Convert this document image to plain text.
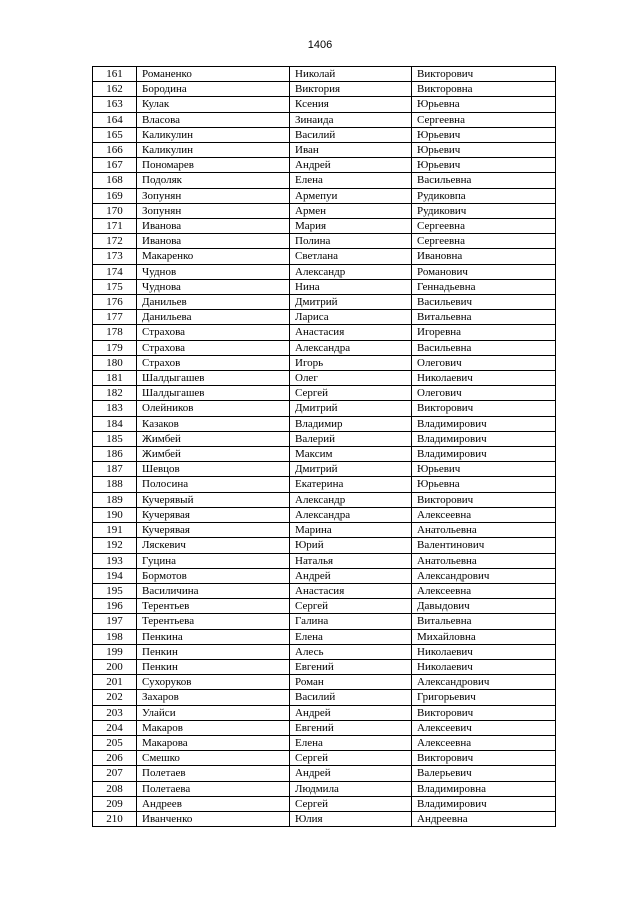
1406
161	Романенко	Николай	Викторович
162	Бородина	Виктория	Викторовна
163	Кулак	Ксения	Юрьевна
164	Власова	Зинаида	Сергеевна
165	Каликулин	Василий	Юрьевич
166	Каликулин	Иван	Юрьевич
167	Пономарев	Андрей	Юрьевич
168	Подоляк	Елена	Васильевна
169	Зопунян	Армепуи	Рудиковпа
170	Зопунян	Армен	Рудикович
171	Иванова	Мария	Сергеевна
172	Иванова	Полина	Сергеевна
173	Макаренко	Светлана	Ивановна
174	Чуднов	Александр	Романович
175	Чуднова	Нина	Геннадьевна
176	Данильев	Дмитрий	Васильевич
177	Данильева	Лариса	Витальевна
178	Страхова	Анастасия	Игоревна
179	Страхова	Александра	Васильевна
180	Страхов	Игорь	Олегович
181	Шалдыгашев	Олег	Николаевич
182	Шалдыгашев	Сергей	Олегович
183	Олейников	Дмитрий	Викторович
184	Казаков	Владимир	Владимирович
185	Жимбей	Валерий	Владимирович
186	Жимбей	Максим	Владимирович
187	Шевцов	Дмитрий	Юрьевич
188	Полосина	Екатерина	Юрьевна
189	Кучерявый	Александр	Викторович
190	Кучерявая	Александра	Алексеевна
191	Кучерявая	Марина	Анатольевна
192	Ляскевич	Юрий	Валентинович
193	Гуцина	Наталья	Анатольевна
194	Бормотов	Андрей	Александрович
195	Василичина	Анастасия	Алексеевна
196	Терентьев	Сергей	Давыдович
197	Терентьева	Галина	Витальевна
198	Пенкина	Елена	Михайловна
199	Пенкин	Алесь	Николаевич
200	Пенкин	Евгений	Николаевич
201	Сухоруков	Роман	Александрович
202	Захаров	Василий	Григорьевич
203	Улайси	Андрей	Викторович
204	Макаров	Евгений	Алексеевич
205	Макарова	Елена	Алексеевна
206	Смешко	Сергей	Викторович
207	Полетаев	Андрей	Валерьевич
208	Полетаева	Людмила	Владимировна
209	Андреев	Сергей	Владимирович
210	Иванченко	Юлия	Андреевна
